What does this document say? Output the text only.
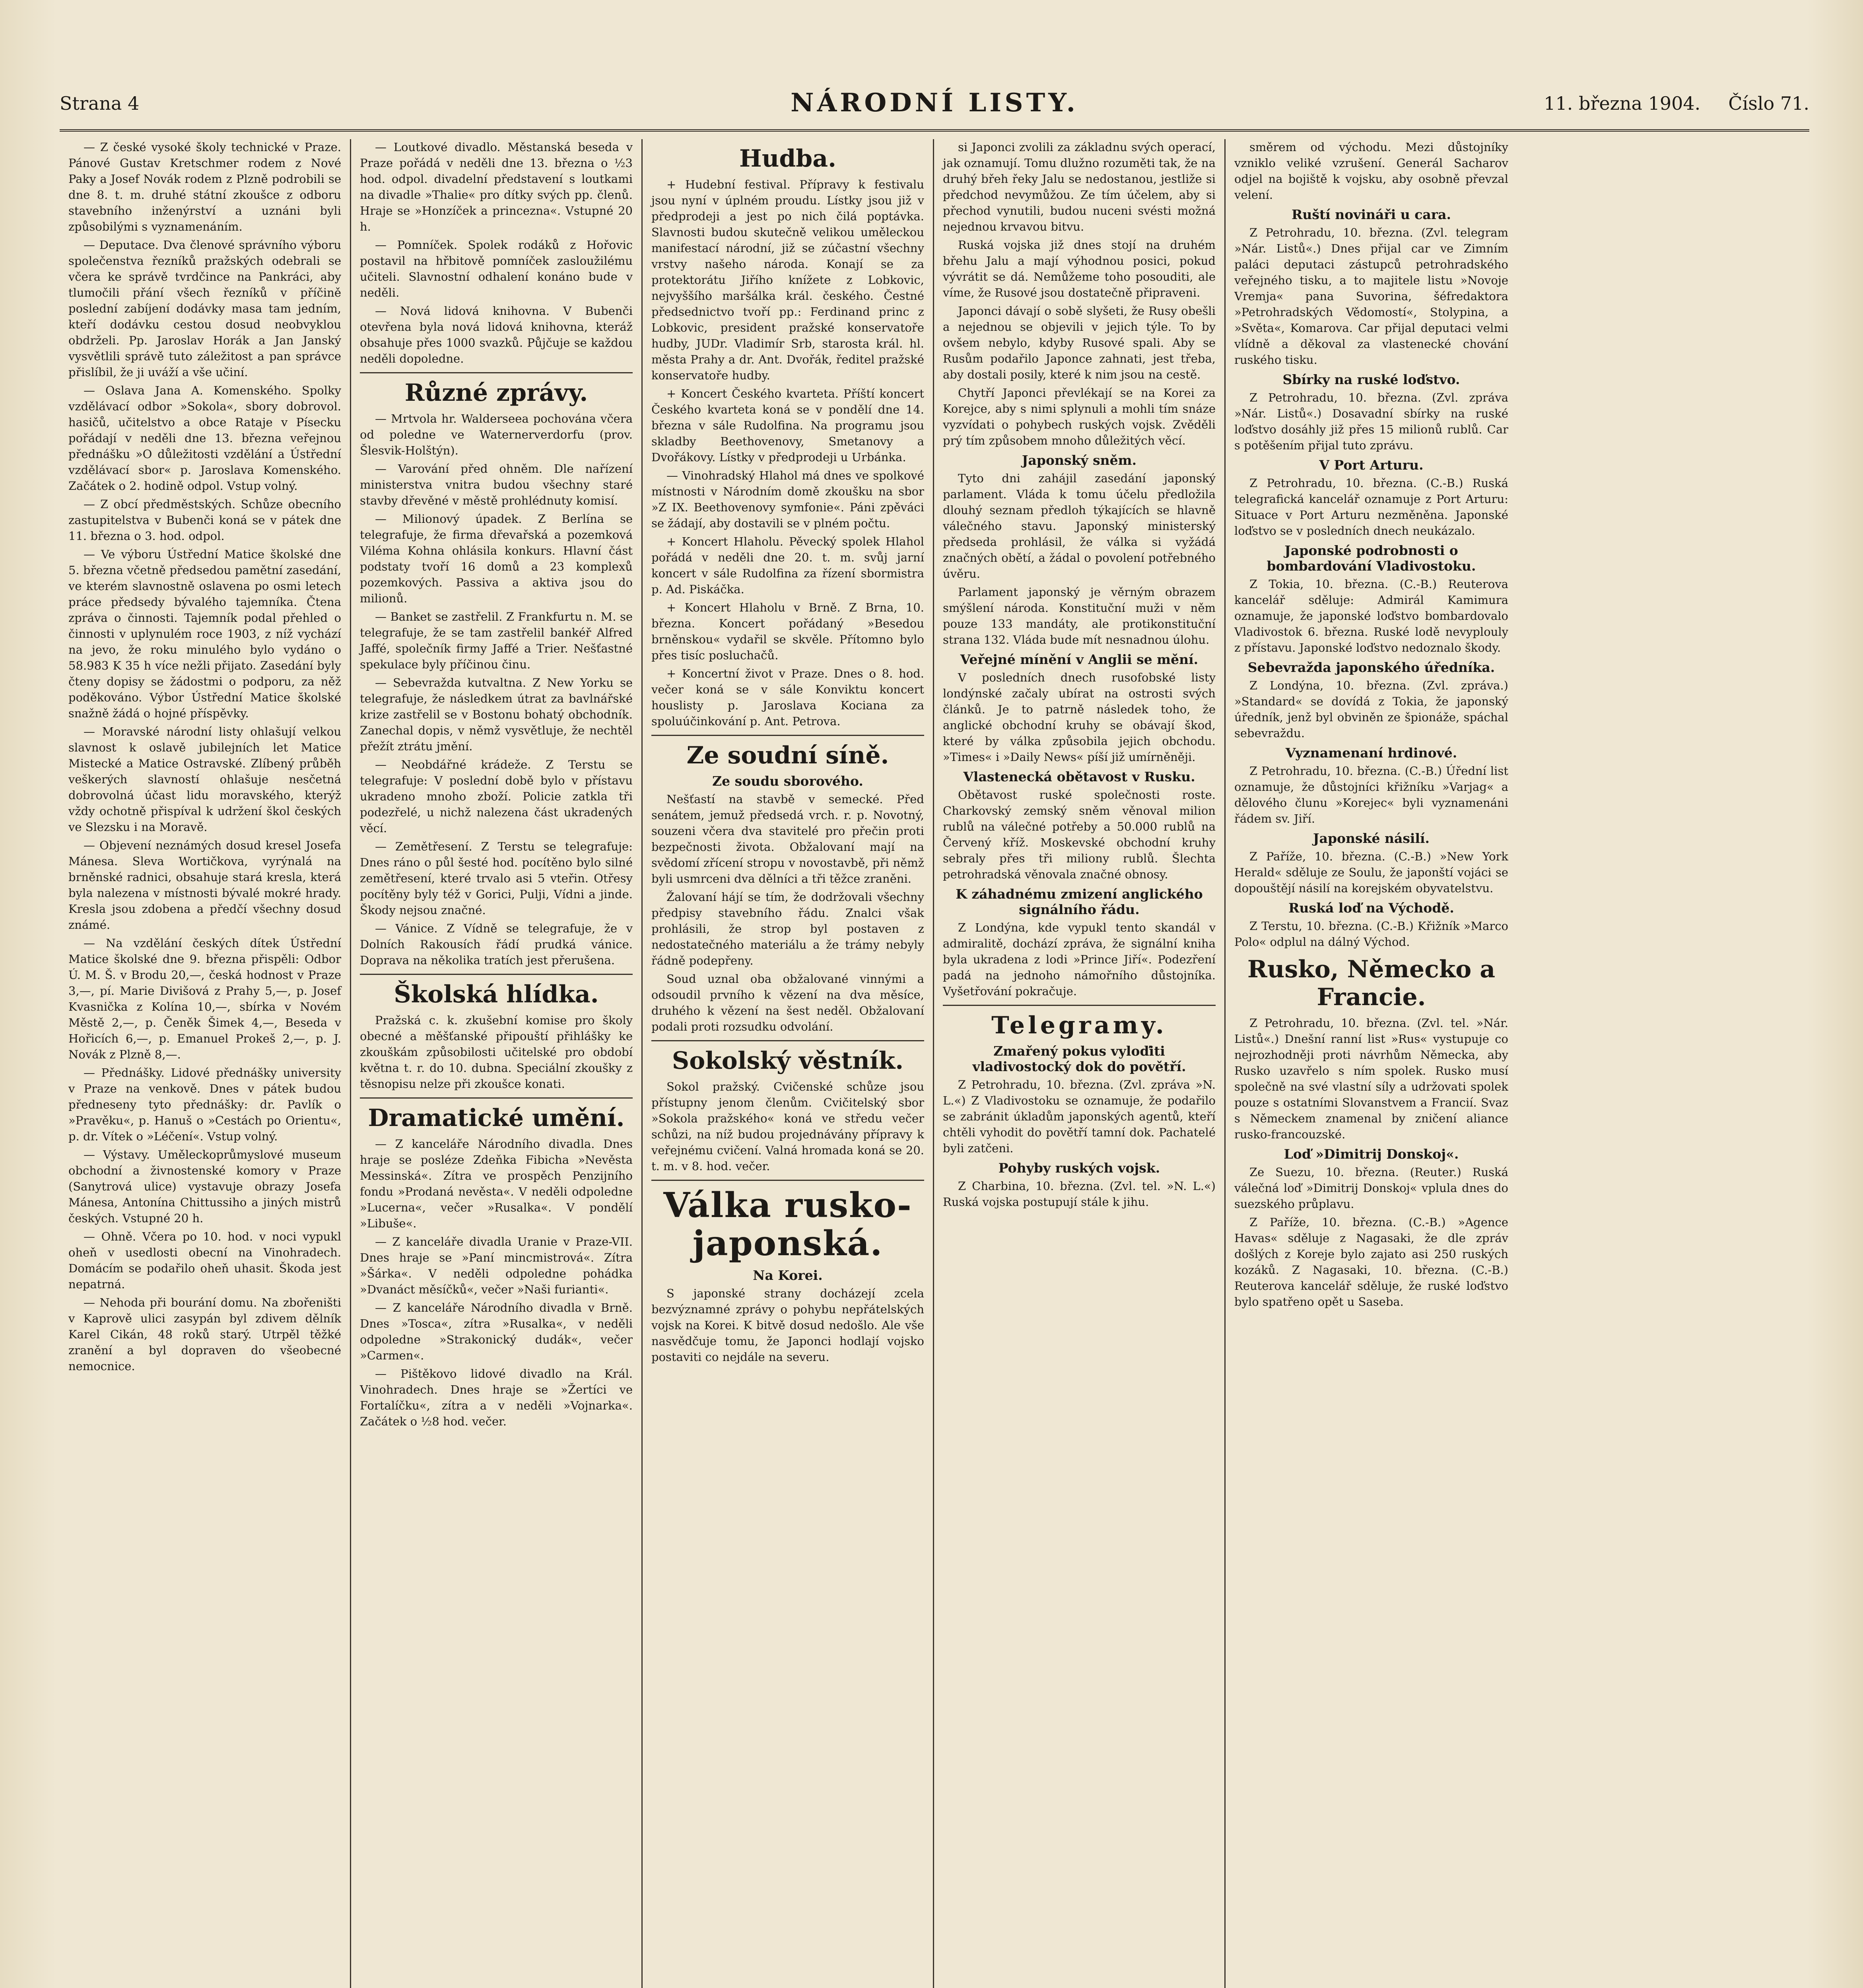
Strana 4	NÁRODNÍ LISTY.	11. března 1904. Číslo 71.

— Z české vysoké školy technické v Praze. Pánové Gustav Kretschmer rodem z Nové Paky a Josef Novák rodem z Plzně podrobili se dne 8. t. m. druhé státní zkoušce z odboru stavebního inženýrství a uznáni byli způsobilými s vyznamenáním.

— Deputace. Dva členové správního výboru společenstva řezníků pražských odebrali se včera ke správě tvrdčince na Pankráci, aby tlumočili přání všech řezníků v příčině poslední zabíjení dodávky masa tam jedním, kteří dodávku cestou dosud neobvyklou obdrželi. Pp. Jaroslav Horák a Jan Janský vysvětlili správě tuto záležitost a pan správce přislíbil, že ji uváží a vše učiní.

— Oslava Jana A. Komenského. Spolky vzdělávací odbor »Sokola«, sbory dobrovol. hasičů, učitelstvo a obce Rataje v Písecku pořádají v neděli dne 13. března veřejnou přednášku »O důležitosti vzdělání a Ústřední vzdělávací sbor« p. Jaroslava Komenského. Začátek o 2. hodině odpol. Vstup volný.

— Z obcí předměstských. Schůze obecního zastupitelstva v Bubenči koná se v pátek dne 11. března o 3. hod. odpol.

— Ve výboru Ústřední Matice školské dne 5. března včetně předsedou pamětní zasedání, ve kterém slavnostně oslavena po osmi letech práce předsedy bývalého tajemníka. Čtena zpráva o činnosti. Tajemník podal přehled o činnosti v uplynulém roce 1903, z níž vychází na jevo, že roku minulého bylo vydáno o 58.983 K 35 h více nežli přijato. Zasedání byly čteny dopisy se žádostmi o podporu, za něž poděkováno. Výbor Ústřední Matice školské snažně žádá o hojné příspěvky.

— Moravské národní listy ohlašují velkou slavnost k oslavě jubilejních let Matice Mistecké a Matice Ostravské. Zlíbený průběh veškerých slavností ohlašuje nesčetná dobrovolná účast lidu moravského, kterýž vždy ochotně přispíval k udržení škol českých ve Slezsku i na Moravě.

— Objevení neznámých dosud kresel Josefa Mánesa. Sleva Wortičkova, vyrýnalá na brněnské radnici, obsahuje stará kresla, která byla nalezena v místnosti bývalé mokré hrady. Kresla jsou zdobena a předčí všechny dosud známé.

— Na vzdělání českých dítek Ústřední Matice školské dne 9. března přispěli: Odbor Ú. M. Š. v Brodu 20,—, česká hodnost v Praze 3,—, pí. Marie Divišová z Prahy 5,—, p. Josef Kvasnička z Kolína 10,—, sbírka v Novém Městě 2,—, p. Čeněk Šimek 4,—, Beseda v Hořicích 6,—, p. Emanuel Prokeš 2,—, p. J. Novák z Plzně 8,—.

— Přednášky. Lidové přednášky university v Praze na venkově. Dnes v pátek budou předneseny tyto přednášky: dr. Pavlík o »Pravěku«, p. Hanuš o »Cestách po Orientu«, p. dr. Vítek o »Léčení«. Vstup volný.

— Výstavy. Uměleckoprůmyslové museum obchodní a živnostenské komory v Praze (Sanytrová ulice) vystavuje obrazy Josefa Mánesa, Antonína Chittussiho a jiných mistrů českých. Vstupné 20 h.

— Ohně. Včera po 10. hod. v noci vypukl oheň v usedlosti obecní na Vinohradech. Domácím se podařilo oheň uhasit. Škoda jest nepatrná.

— Nehoda při bourání domu. Na zbořeništi v Kaprově ulici zasypán byl zdivem dělník Karel Cikán, 48 roků starý. Utrpěl těžké zranění a byl dopraven do všeobecné nemocnice.

— Loutkové divadlo. Městanská beseda v Praze pořádá v neděli dne 13. března o ½3 hod. odpol. divadelní představení s loutkami na divadle »Thalie« pro dítky svých pp. členů. Hraje se »Honzíček a princezna«. Vstupné 20 h.

— Pomníček. Spolek rodáků z Hořovic postavil na hřbitově pomníček zasloužilému učiteli. Slavnostní odhalení konáno bude v neděli.

— Nová lidová knihovna. V Bubenči otevřena byla nová lidová knihovna, kteráž obsahuje přes 1000 svazků. Půjčuje se každou neděli dopoledne.

Různé zprávy.

— Mrtvola hr. Walderseea pochována včera od poledne ve Waternerverdorfu (prov. Šlesvik-Holštýn).

— Varování před ohněm. Dle nařízení ministerstva vnitra budou všechny staré stavby dřevěné v městě prohlédnuty komisí.

— Milionový úpadek. Z Berlína se telegrafuje, že firma dřevařská a pozemková Viléma Kohna ohlásila konkurs. Hlavní část podstaty tvoří 16 domů a 23 komplexů pozemkových. Passiva a aktiva jsou do milionů.

— Banket se zastřelil. Z Frankfurtu n. M. se telegrafuje, že se tam zastřelil bankéř Alfred Jaffé, společník firmy Jaffé a Trier. Nešťastné spekulace byly příčinou činu.

— Sebevražda kutvaltna. Z New Yorku se telegrafuje, že následkem útrat za bavlnářské krize zastřelil se v Bostonu bohatý obchodník. Zanechal dopis, v němž vysvětluje, že nechtěl přežít ztrátu jmění.

— Neobdářné krádeže. Z Terstu se telegrafuje: V poslední době bylo v přístavu ukradeno mnoho zboží. Policie zatkla tři podezřelé, u nichž nalezena část ukradených věcí.

— Zemětřesení. Z Terstu se telegrafuje: Dnes ráno o půl šesté hod. pocítěno bylo silné zemětřesení, které trvalo asi 5 vteřin. Otřesy pocítěny byly též v Gorici, Pulji, Vídni a jinde. Škody nejsou značné.

— Vánice. Z Vídně se telegrafuje, že v Dolních Rakousích řádí prudká vánice. Doprava na několika tratích jest přerušena.

Školská hlídka.

Pražská c. k. zkušební komise pro školy obecné a měšťanské připouští přihlášky ke zkouškám způsobilosti učitelské pro období května t. r. do 10. dubna. Speciální zkoušky z těsnopisu nelze při zkoušce konati.

Dramatické umění.

— Z kanceláře Národního divadla. Dnes hraje se posléze Zdeňka Fibicha »Nevěsta Messinská«. Zítra ve prospěch Penzijního fondu »Prodaná nevěsta«. V neděli odpoledne »Lucerna«, večer »Rusalka«. V pondělí »Libuše«.

— Z kanceláře divadla Uranie v Praze-VII. Dnes hraje se »Paní mincmistrová«. Zítra »Šárka«. V neděli odpoledne pohádka »Dvanáct měsíčků«, večer »Naši furianti«.

— Z kanceláře Národního divadla v Brně. Dnes »Tosca«, zítra »Rusalka«, v neděli odpoledne »Strakonický dudák«, večer »Carmen«.

— Pištěkovo lidové divadlo na Král. Vinohradech. Dnes hraje se »Žertíci ve Fortalíčku«, zítra a v neděli »Vojnarka«. Začátek o ½8 hod. večer.

Hudba.

+ Hudební festival. Přípravy k festivalu jsou nyní v úplném proudu. Lístky jsou již v předprodeji a jest po nich čilá poptávka. Slavnosti budou skutečně velikou uměleckou manifestací národní, již se zúčastní všechny vrstvy našeho národa. Konají se za protektorátu Jiřího knížete z Lobkovic, nejvyššího maršálka král. českého. Čestné předsednictvo tvoří pp.: Ferdinand princ z Lobkovic, president pražské konservatoře hudby, JUDr. Vladimír Srb, starosta král. hl. města Prahy a dr. Ant. Dvořák, ředitel pražské konservatoře hudby.

+ Koncert Českého kvarteta. Příští koncert Českého kvarteta koná se v pondělí dne 14. března v sále Rudolfina. Na programu jsou skladby Beethovenovy, Smetanovy a Dvořákovy. Lístky v předprodeji u Urbánka.

— Vinohradský Hlahol má dnes ve spolkové místnosti v Národním domě zkoušku na sbor »Z IX. Beethovenovy symfonie«. Páni zpěváci se žádají, aby dostavili se v plném počtu.

+ Koncert Hlaholu. Pěvecký spolek Hlahol pořádá v neděli dne 20. t. m. svůj jarní koncert v sále Rudolfina za řízení sbormistra p. Ad. Piskáčka.

+ Koncert Hlaholu v Brně. Z Brna, 10. března. Koncert pořádaný »Besedou brněnskou« vydařil se skvěle. Přítomno bylo přes tisíc posluchačů.

+ Koncertní život v Praze. Dnes o 8. hod. večer koná se v sále Konviktu koncert houslisty p. Jaroslava Kociana za spoluúčinkování p. Ant. Petrova.

Ze soudní síně.
Ze soudu sborového.

Nešťastí na stavbě v semecké. Před senátem, jemuž předsedá vrch. r. p. Novotný, souzeni včera dva stavitelé pro přečin proti bezpečnosti života. Obžalovaní mají na svědomí zřícení stropu v novostavbě, při němž byli usmrceni dva dělníci a tři těžce zraněni.

Žalovaní hájí se tím, že dodržovali všechny předpisy stavebního řádu. Znalci však prohlásili, že strop byl postaven z nedostatečného materiálu a že trámy nebyly řádně podepřeny.

Soud uznal oba obžalované vinnými a odsoudil prvního k vězení na dva měsíce, druhého k vězení na šest neděl. Obžalovaní podali proti rozsudku odvolání.

Sokolský věstník.

Sokol pražský. Cvičenské schůze jsou přístupny jenom členům. Cvičitelský sbor »Sokola pražského« koná ve středu večer schůzi, na níž budou projednávány přípravy k veřejnému cvičení. Valná hromada koná se 20. t. m. v 8. hod. večer.

Válka rusko-japonská.
Na Korei.

S japonské strany docházejí zcela bezvýznamné zprávy o pohybu nepřátelských vojsk na Korei. K bitvě dosud nedošlo. Ale vše nasvědčuje tomu, že Japonci hodlají vojsko postaviti co nejdále na severu.

si Japonci zvolili za základnu svých operací, jak oznamují. Tomu dlužno rozuměti tak, že na druhý břeh řeky Jalu se nedostanou, jestliže si předchod nevymůžou. Ze tím účelem, aby si přechod vynutili, budou nuceni svésti možná nejednou krvavou bitvu.

Ruská vojska již dnes stojí na druhém břehu Jalu a mají výhodnou posici, pokud vývrátit se dá. Nemůžeme toho posouditi, ale víme, že Rusové jsou dostatečně připraveni.

Japonci dávají o sobě slyšeti, že Rusy obešli a nejednou se objevili v jejich týle. To by ovšem nebylo, kdyby Rusové spali. Aby se Rusům podařilo Japonce zahnati, jest třeba, aby dostali posily, které k nim jsou na cestě.

Chytří Japonci převlékají se na Korei za Korejce, aby s nimi splynuli a mohli tím snáze vyzvídati o pohybech ruských vojsk. Zvěděli prý tím způsobem mnoho důležitých věcí.

Japonský sněm.

Tyto dni zahájil zasedání japonský parlament. Vláda k tomu účelu předložila dlouhý seznam předloh týkajících se hlavně válečného stavu. Japonský ministerský předseda prohlásil, že válka si vyžádá značných obětí, a žádal o povolení potřebného úvěru.

Parlament japonský je věrným obrazem smýšlení národa. Konstituční muži v něm pouze 133 mandáty, ale protikonstituční strana 132. Vláda bude mít nesnadnou úlohu.

Veřejné mínění v Anglii se mění.

V posledních dnech rusofobské listy londýnské začaly ubírat na ostrosti svých článků. Je to patrně následek toho, že anglické obchodní kruhy se obávají škod, které by válka způsobila jejich obchodu. »Times« i »Daily News« píší již umírněněji.

Vlastenecká obětavost v Rusku.

Obětavost ruské společnosti roste. Charkovský zemský sněm věnoval milion rublů na válečné potřeby a 50.000 rublů na Červený kříž. Moskevské obchodní kruhy sebraly přes tři miliony rublů. Šlechta petrohradská věnovala značné obnosy.

K záhadnému zmizení anglického signálního řádu.

Z Londýna, kde vypukl tento skandál v admiralitě, dochází zpráva, že signální kniha byla ukradena z lodi »Prince Jiří«. Podezření padá na jednoho námořního důstojníka. Vyšetřování pokračuje.

Telegramy.
Zmařený pokus vyloďiti vladivostocký dok do povětří.

Z Petrohradu, 10. března. (Zvl. zpráva »N. L.«) Z Vladivostoku se oznamuje, že podařilo se zabránit úkladům japonských agentů, kteří chtěli vyhodit do povětří tamní dok. Pachatelé byli zatčeni.

Pohyby ruských vojsk.

Z Charbina, 10. března. (Zvl. tel. »N. L.«) Ruská vojska postupují stále k jihu.

směrem od východu. Mezi důstojníky vzniklo veliké vzrušení. Generál Sacharov odjel na bojiště k vojsku, aby osobně převzal velení.

Ruští novináři u cara.

Z Petrohradu, 10. března. (Zvl. telegram »Nár. Listů«.) Dnes přijal car ve Zimním paláci deputaci zástupců petrohradského veřejného tisku, a to majitele listu »Novoje Vremja« pana Suvorina, šéfredaktora »Petrohradských Vědomostí«, Stolypina, a »Světa«, Komarova. Car přijal deputaci velmi vlídně a děkoval za vlastenecké chování ruského tisku.

Sbírky na ruské loďstvo.

Z Petrohradu, 10. března. (Zvl. zpráva »Nár. Listů«.) Dosavadní sbírky na ruské loďstvo dosáhly již přes 15 milionů rublů. Car s potěšením přijal tuto zprávu.

V Port Arturu.

Z Petrohradu, 10. března. (C.-B.) Ruská telegrafická kancelář oznamuje z Port Arturu: Situace v Port Arturu nezměněna. Japonské loďstvo se v posledních dnech neukázalo.

Japonské podrobnosti o bombardování Vladivostoku.

Z Tokia, 10. března. (C.-B.) Reuterova kancelář sděluje: Admirál Kamimura oznamuje, že japonské loďstvo bombardovalo Vladivostok 6. března. Ruské lodě nevyplouly z přístavu. Japonské loďstvo nedoznalo škody.

Sebevražda japonského úředníka.

Z Londýna, 10. března. (Zvl. zpráva.) »Standard« se dovídá z Tokia, že japonský úředník, jenž byl obviněn ze špionáže, spáchal sebevraždu.

Vyznamenaní hrdinové.

Z Petrohradu, 10. března. (C.-B.) Úřední list oznamuje, že důstojníci křižníku »Varjag« a dělového člunu »Korejec« byli vyznamenáni řádem sv. Jiří.

Japonské násilí.

Z Paříže, 10. března. (C.-B.) »New York Herald« sděluje ze Soulu, že japonští vojáci se dopouštějí násilí na korejském obyvatelstvu.

Ruská loď na Východě.

Z Terstu, 10. března. (C.-B.) Křižník »Marco Polo« odplul na dálný Východ.

Rusko, Německo a Francie.

Z Petrohradu, 10. března. (Zvl. tel. »Nár. Listů«.) Dnešní ranní list »Rus« vystupuje co nejrozhodněji proti návrhům Německa, aby Rusko uzavřelo s ním spolek. Rusko musí společně na své vlastní síly a udržovati spolek pouze s ostatními Slovanstvem a Francií. Svaz s Německem znamenal by zničení aliance rusko-francouzské.

Loď »Dimitrij Donskoj«.

Ze Suezu, 10. března. (Reuter.) Ruská válečná loď »Dimitrij Donskoj« vplula dnes do suezského průplavu.

Z Paříže, 10. března. (C.-B.) »Agence Havas« sděluje z Nagasaki, že dle zpráv došlých z Koreje bylo zajato asi 250 ruských kozáků. Z Nagasaki, 10. března. (C.-B.) Reuterova kancelář sděluje, že ruské loďstvo bylo spatřeno opět u Saseba.
